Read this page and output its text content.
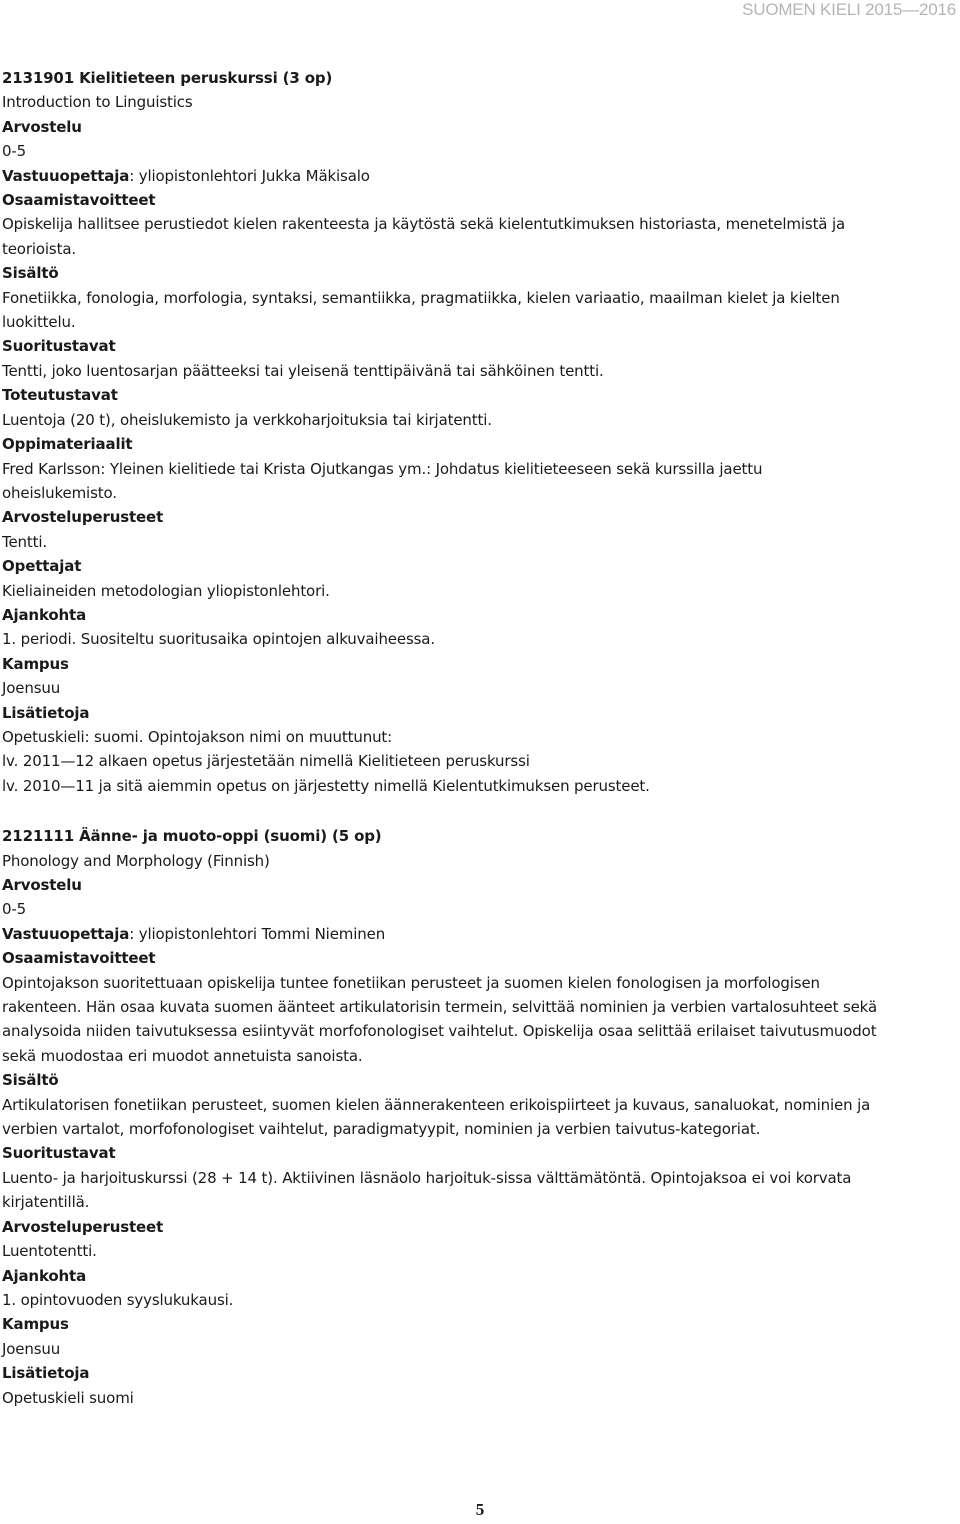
SUOMEN KIELI 2015—2016
2131901 Kielitieteen peruskurssi (3 op)
Introduction to Linguistics
Arvostelu
0-5
Vastuuopettaja: yliopistonlehtori Jukka Mäkisalo
Osaamistavoitteet
Opiskelija hallitsee perustiedot kielen rakenteesta ja käytöstä sekä kielentutkimuksen historiasta, menetelmistä ja
teorioista.
Sisältö
Fonetiikka, fonologia, morfologia, syntaksi, semantiikka, pragmatiikka, kielen variaatio, maailman kielet ja kielten
luokittelu.
Suoritustavat
Tentti, joko luentosarjan päätteeksi tai yleisenä tenttipäivänä tai sähköinen tentti.
Toteutustavat
Luentoja (20 t), oheislukemisto ja verkkoharjoituksia tai kirjatentti.
Oppimateriaalit
Fred Karlsson: Yleinen kielitiede tai Krista Ojutkangas ym.: Johdatus kielitieteeseen sekä kurssilla jaettu
oheislukemisto.
Arvosteluperusteet
Tentti.
Opettajat
Kieliaineiden metodologian yliopistonlehtori.
Ajankohta
1. periodi. Suositeltu suoritusaika opintojen alkuvaiheessa.
Kampus
Joensuu
Lisätietoja
Opetuskieli: suomi. Opintojakson nimi on muuttunut:
lv. 2011—12 alkaen opetus järjestetään nimellä Kielitieteen peruskurssi
lv. 2010—11 ja sitä aiemmin opetus on järjestetty nimellä Kielentutkimuksen perusteet.
2121111 Äänne- ja muoto-oppi (suomi) (5 op)
Phonology and Morphology (Finnish)
Arvostelu
0-5
Vastuuopettaja: yliopistonlehtori Tommi Nieminen
Osaamistavoitteet
Opintojakson suoritettuaan opiskelija tuntee fonetiikan perusteet ja suomen kielen fonologisen ja morfologisen
rakenteen. Hän osaa kuvata suomen äänteet artikulatorisin termein, selvittää nominien ja verbien vartalosuhteet sekä
analysoida niiden taivutuksessa esiintyvät morfofonologiset vaihtelut. Opiskelija osaa selittää erilaiset taivutusmuodot
sekä muodostaa eri muodot annetuista sanoista.
Sisältö
Artikulatorisen fonetiikan perusteet, suomen kielen äännerakenteen erikoispiirteet ja kuvaus, sanaluokat, nominien ja
verbien vartalot, morfofonologiset vaihtelut, paradigmatyypit, nominien ja verbien taivutus-kategoriat.
Suoritustavat
Luento- ja harjoituskurssi (28 + 14 t). Aktiivinen läsnäolo harjoituk-sissa välttämätöntä. Opintojaksoa ei voi korvata
kirjatentillä.
Arvosteluperusteet
Luentotentti.
Ajankohta
1. opintovuoden syyslukukausi.
Kampus
Joensuu
Lisätietoja
Opetuskieli suomi
5
